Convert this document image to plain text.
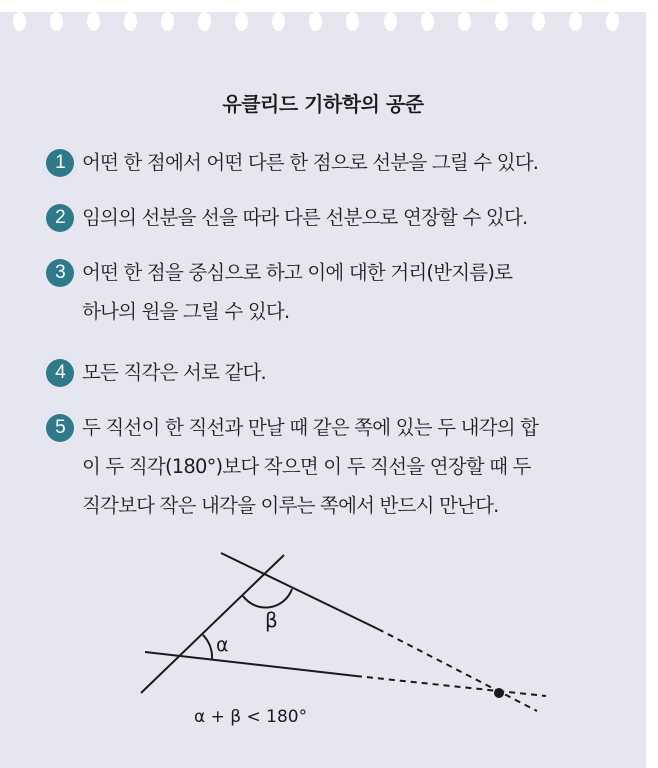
유클리드 기하학의 공준
1 어떤 한 점에서 어떤 다른 한 점으로 선분을 그릴 수 있다.
2 임의의 선분을 선을 따라 다른 선분으로 연장할 수 있다.
3 어떤 한 점을 중심으로 하고 이에 대한 거리(반지름)로
하나의 원을 그릴 수 있다.
4 모든 직각은 서로 같다.
5 두 직선이 한 직선과 만날 때 같은 쪽에 있는 두 내각의 합
이 두 직각(180°)보다 작으면 이 두 직선을 연장할 때 두
직각보다 작은 내각을 이루는 쪽에서 반드시 만난다.
β
α
α + β < 180°
